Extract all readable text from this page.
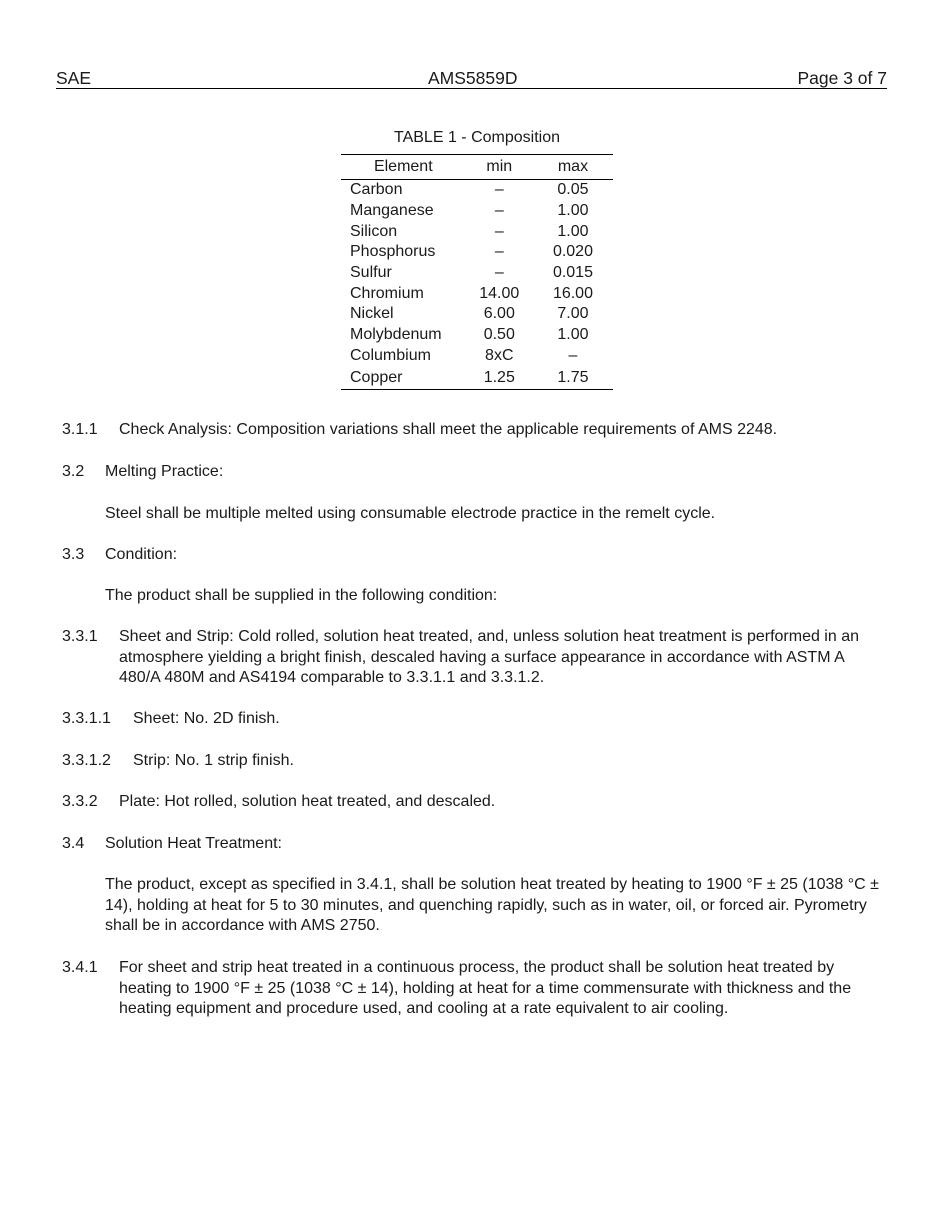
SAE	AMS5859D	Page 3 of 7
TABLE 1 - Composition
Element	min	max
Carbon	–	0.05
Manganese	–	1.00
Silicon	–	1.00
Phosphorus	–	0.020
Sulfur	–	0.015
Chromium	14.00	16.00
Nickel	6.00	7.00
Molybdenum	0.50	1.00
Columbium	8xC	–
Copper	1.25	1.75
3.1.1 Check Analysis: Composition variations shall meet the applicable requirements of AMS 2248.
3.2 Melting Practice:
Steel shall be multiple melted using consumable electrode practice in the remelt cycle.
3.3 Condition:
The product shall be supplied in the following condition:
3.3.1 Sheet and Strip: Cold rolled, solution heat treated, and, unless solution heat treatment is performed in an atmosphere yielding a bright finish, descaled having a surface appearance in accordance with ASTM A 480/A 480M and AS4194 comparable to 3.3.1.1 and 3.3.1.2.
3.3.1.1 Sheet: No. 2D finish.
3.3.1.2 Strip: No. 1 strip finish.
3.3.2 Plate: Hot rolled, solution heat treated, and descaled.
3.4 Solution Heat Treatment:
The product, except as specified in 3.4.1, shall be solution heat treated by heating to 1900 °F ± 25 (1038 °C ± 14), holding at heat for 5 to 30 minutes, and quenching rapidly, such as in water, oil, or forced air. Pyrometry shall be in accordance with AMS 2750.
3.4.1 For sheet and strip heat treated in a continuous process, the product shall be solution heat treated by heating to 1900 °F ± 25 (1038 °C ± 14), holding at heat for a time commensurate with thickness and the heating equipment and procedure used, and cooling at a rate equivalent to air cooling.
